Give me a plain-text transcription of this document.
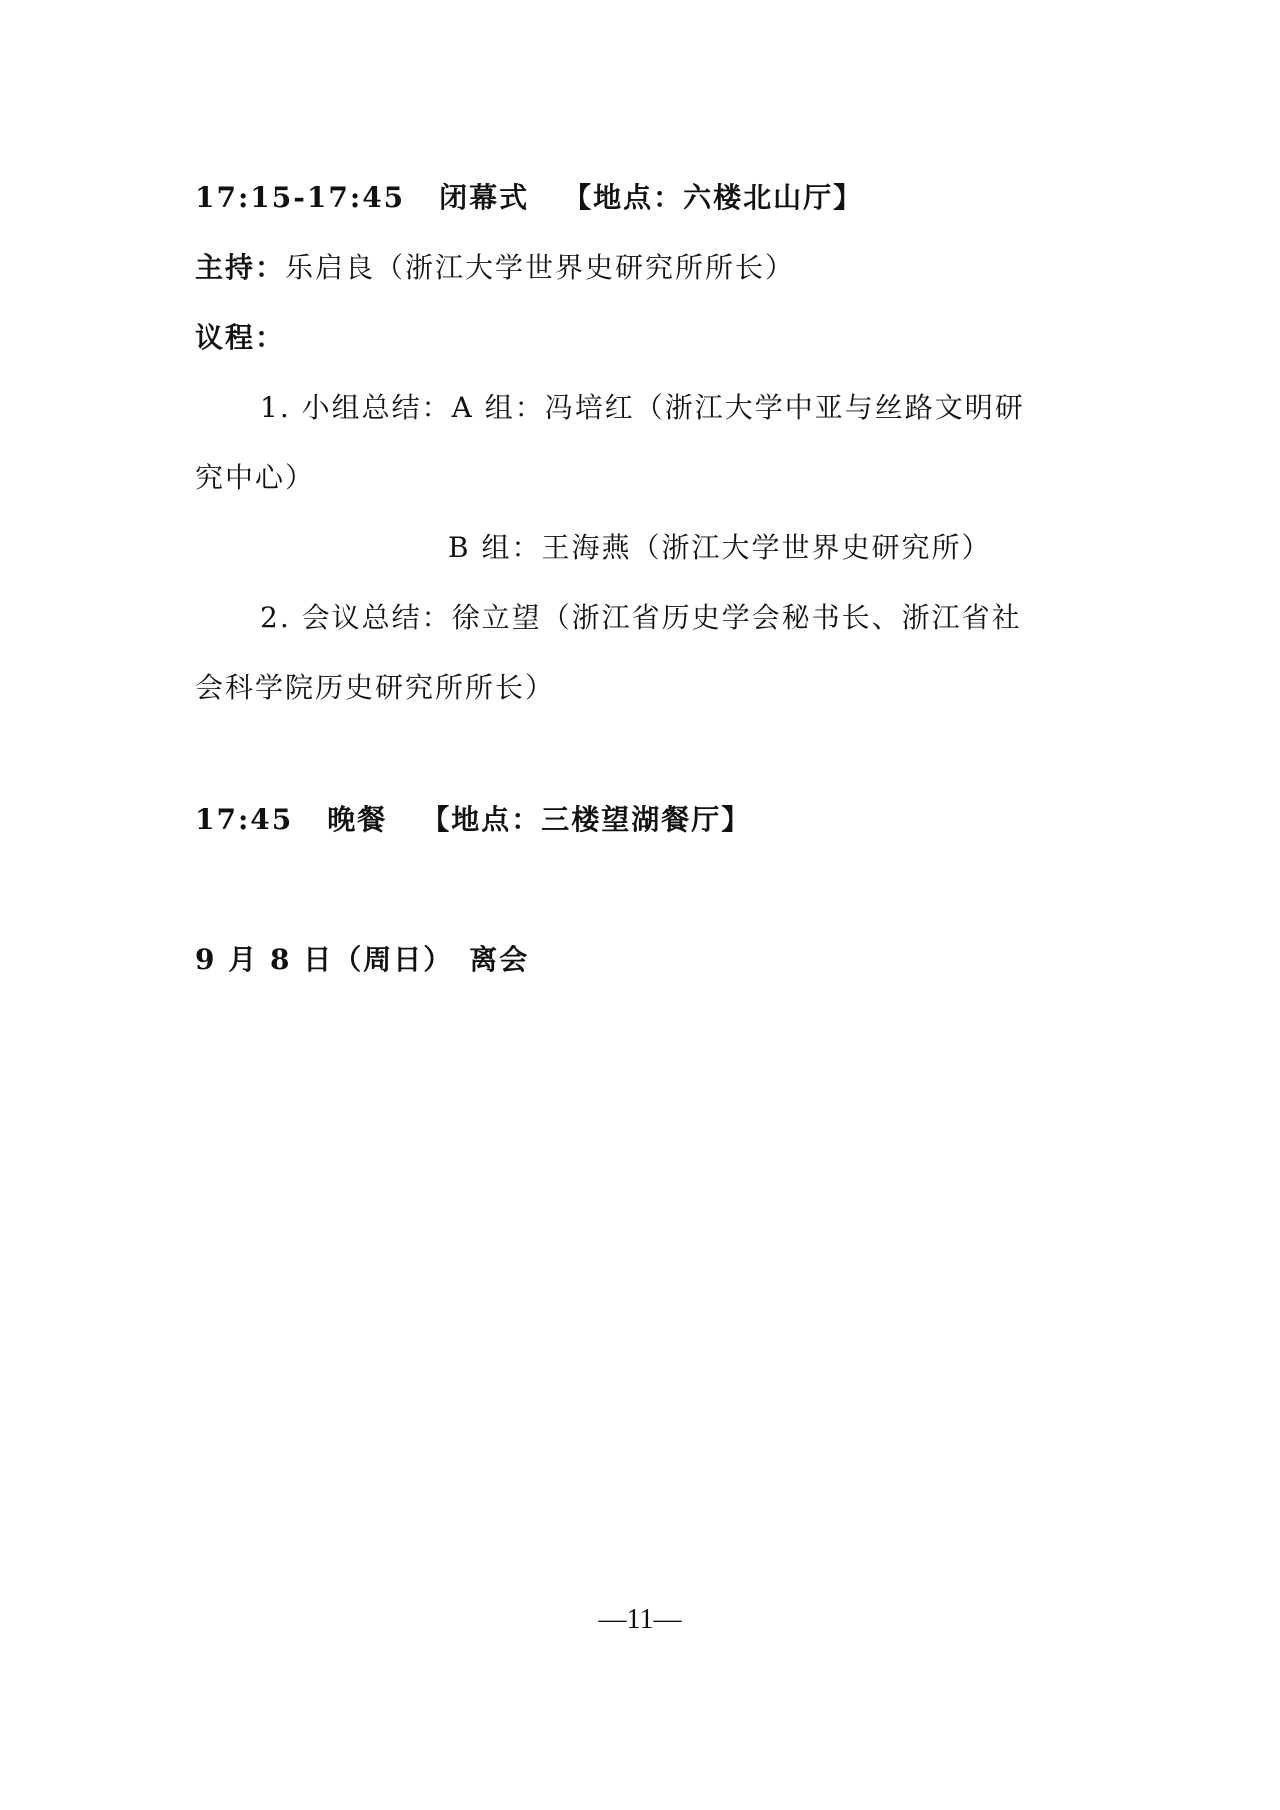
17:15-17:45 闭幕式 【地点：六楼北山厅】
主持：乐启良（浙江大学世界史研究所所长）
议程：
1. 小组总结：A 组：冯培红（浙江大学中亚与丝路文明研
究中心）
B 组：王海燕（浙江大学世界史研究所）
2. 会议总结：徐立望（浙江省历史学会秘书长、浙江省社
会科学院历史研究所所长）
17:45 晚餐 【地点：三楼望湖餐厅】
9 月 8 日（周日） 离会
—11—
